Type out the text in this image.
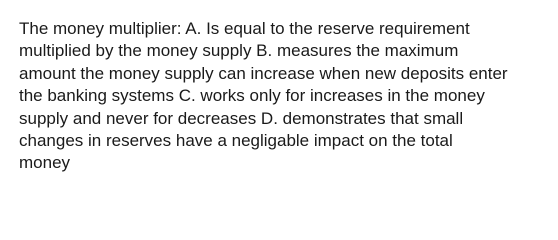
The money multiplier: A. Is equal to the reserve requirement
multiplied by the money supply B. measures the maximum
amount the money supply can increase when new deposits enter
the banking systems C. works only for increases in the money
supply and never for decreases D. demonstrates that small
changes in reserves have a negligable impact on the total
money
